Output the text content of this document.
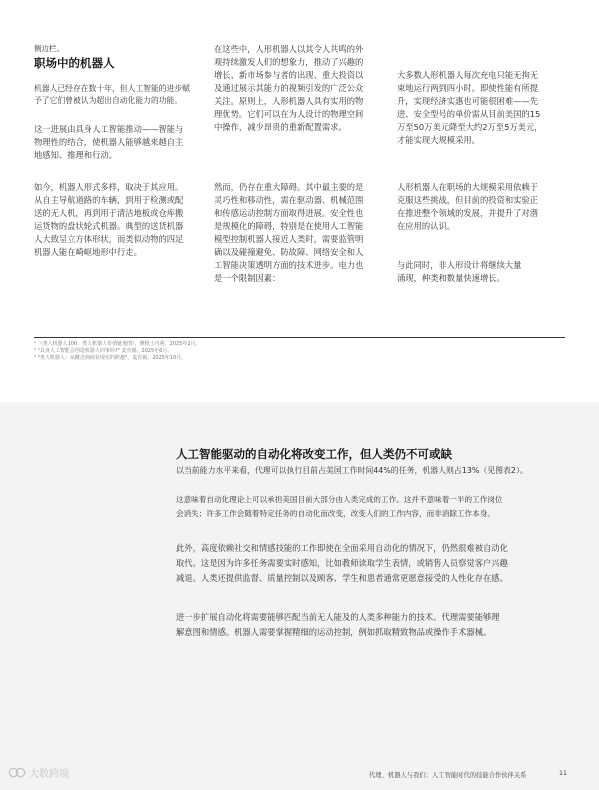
侧边栏。
职场中的机器人
机器人已经存在数十年，但人工智能的进步赋
予了它们曾被认为超出自动化能力的功能。
这一进展由具身人工智能推动——智能与
物理性的结合，使机器人能够越来越自主
地感知、推理和行动。
如今，机器人形式多样，取决于其应用。
从自主导航道路的车辆，到用于检测或配
送的无人机，再到用于清洁地板或仓库搬
运货物的盘状轮式机器。典型的送货机器
人大致呈立方体形状，而类似动物的四足
机器人能在崎岖地形中行走。
在这些中，人形机器人以其令人共鸣的外
观持续激发人们的想象力，推动了兴趣的
增长、新市场参与者的出现、重大投资以
及通过展示其能力的视频引发的广泛公众
关注。原则上，人形机器人具有实用的物
理优势。它们可以在为人设计的物理空间
中操作，减少昂贵的重新配置需求。
然而，仍存在重大障碍。其中最主要的是
灵巧性和移动性，需在驱动器、机械范围
和传感运动控制方面取得进展。安全性也
是规模化的障碍，特别是在使用人工智能
模型控制机器人接近人类时，需要监管明
确以及碰撞避免、防故障、网络安全和人
工智能决策透明方面的技术进步。电力也
是一个限制因素：
大多数人形机器人每次充电只能无拘无
束地运行两到四小时。即使性能有所提
升，实现经济实惠也可能很困难——先
进、安全型号的单价需从目前美国的15
万至50万美元降至大约2万至5万美元，
才能实现大规模采用。
人形机器人在职场的大规模采用依赖于
克服这些挑战，但目前的投资和实验正
在推进整个领域的发展，并提升了对潜
在应用的认识。
与此同时，非人形设计将继续大量
涌现，种类和数量快速增长。
¹ 《类人机器人100：类人机器人价值链地图》，摩根士丹利，2025年2月。
² "具身人工智能会创造机器人同事吗?" 麦肯锡，2025年6月。
³ "类人机器人：从概念到商业现实的跨越"，麦肯锡，2025年10月。
人工智能驱动的自动化将改变工作，但人类仍不可或缺
以当前能力水平来看，代理可以执行目前占美国工作时间44%的任务，机器人则占13%（见图表2）。
这意味着自动化理论上可以承担美国目前大部分由人类完成的工作。这并不意味着一半的工作岗位
会消失；许多工作会随着特定任务的自动化而改变，改变人们的工作内容，而非消除工作本身。
此外，高度依赖社交和情感技能的工作即使在全面采用自动化的情况下，仍然很难被自动化
取代。这是因为许多任务需要实时感知，比如教师读取学生表情，或销售人员察觉客户兴趣
减退。人类还提供监督、质量控制以及顾客、学生和患者通常更愿意接受的人性化存在感。
进一步扩展自动化将需要能够匹配当前无人能及的人类多种能力的技术。代理需要能够理
解意图和情感。机器人需要掌握精细的运动控制，例如抓取精致物品或操作手术器械。
代理、机器人与我们：人工智能时代的技能合作伙伴关系	11
大数跨境
